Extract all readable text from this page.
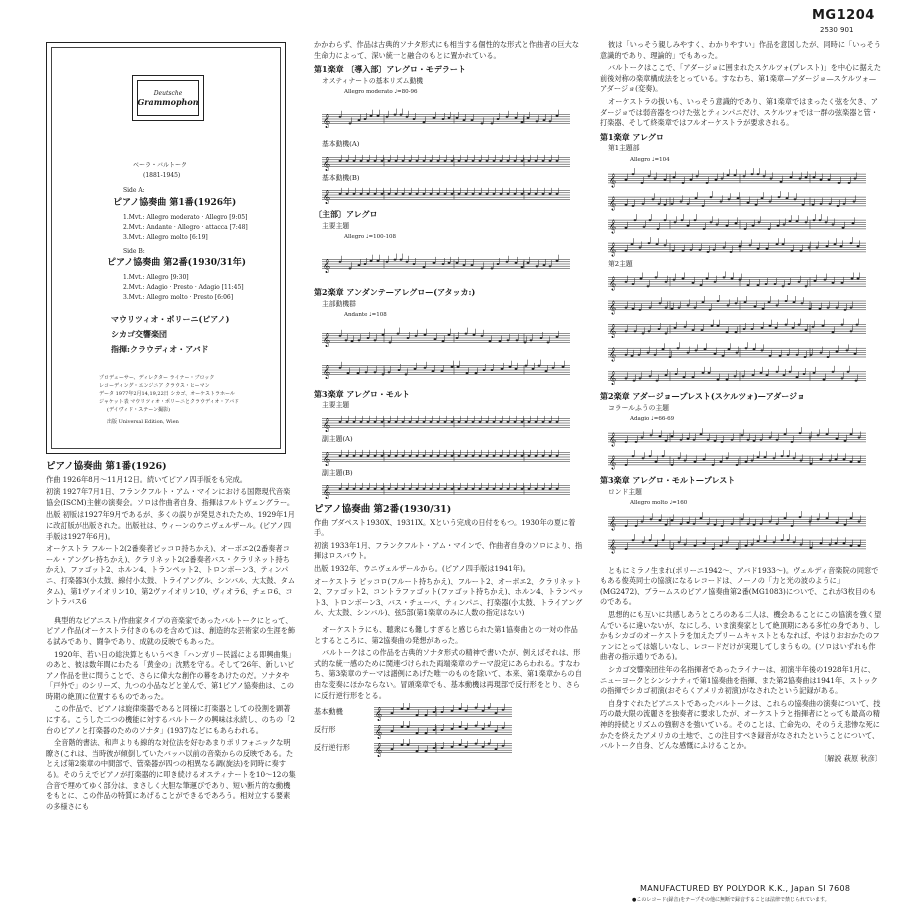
MG1204
2530 901
Deutsche
Grammophon
ベーラ・バルトーク
(1881-1945)
Side A:
ピアノ協奏曲 第1番(1926年)
1.Mvt.: Allegro moderato · Allegro [9:05]
2.Mvt.: Andante · Allegro · attacca [7:48]
3.Mvt.: Allegro molto [6:19]
Side B:
ピアノ協奏曲 第2番(1930/31年)
1.Mvt.: Allegro [9:30]
2.Mvt.: Adagio · Presto · Adagio [11:45]
3.Mvt.: Allegro molto · Presto [6:06]
マウリツィオ・ポリーニ(ピアノ)
シカゴ交響楽団
指揮:クラウディオ・アバド
プロデューサー、ディレクター ライナー・ブロック
レコーディング・エンジニア クラウス・ヒーマン
データ 1977年2月14,19,22日 シカゴ、オーケストラホール
ジャケット表 マウリツィオ・ポリーニとクラウディオ・アバド
(デイヴィド・ステーン撮影)
出版 Universal Edition, Wien
ピアノ協奏曲 第1番(1926)

作曲 1926年8月〜11月12日。続いてピアノ四手版をも完成。

初演 1927年7月1日、フランクフルト・アム・マインにおける国際現代音楽協会(ISCM)主催の演奏会。ソロは作曲者自身、指揮はフルトヴェングラー。

出版 初版は1927年9月であるが、多くの誤りが発見されたため、1929年1月に改訂版が出版された。出版社は、ウィーンのウニヴェルザール。(ピアノ四手版は1927年6月)。

オーケストラ フルート2(2番奏者ピッコロ持ちかえ)、オーボエ2(2番奏者コール・アングレ持ちかえ)、クラリネット2(2番奏者バス・クラリネット持ちかえ)、ファゴット2、ホルン4、トランペット2、トロンボーン3、ティンパニ、打楽器3(小太鼓、線付小太鼓、トライアングル、シンバル、大太鼓、タムタム)、第1ヴァイオリン10、第2ヴァイオリン10、ヴィオラ6、チェロ6、コントラバス6

典型的なピアニスト/作曲家タイプの音楽家であったバルトークにとって、ピアノ作品(オーケストラ付きのものを含めて)は、創造的な芸術家の生涯を飾る試みであり、闘争であり、成就の反映でもあった。

1920年、若い日の総決算ともいうべき「ハンガリー民謡による即興曲集」のあと、彼は数年間にわたる「黄金の」沈黙を守る。そして'26年、新しいピアノ作品を世に問うことで、さらに偉大な創作の幕をあけたのだ。ソナタや「戸外で」のシリーズ、九つの小品などと並んで、第1ピアノ協奏曲は、この時期の絶頂に位置するものであった。

この作品で、ピアノは旋律楽器であると同様に打楽器としての役割を顕著にする。こうした二つの機能に対するバルトークの興味は永続し、のちの「2台のピアノと打楽器のためのソナタ」(1937)などにもあらわれる。

全音階的書法、和声よりも線的な対位法を好むあまりポリフォニックな明瞭さ(これは、当時彼が傾倒していたバッハ以前の音楽からの反映である。たとえば第2楽章の中間部で、管楽器が四つの相異なる調(旋法)を同時に奏する)。そのうえでピアノが打楽器的に叩き続けるオスティナートを10〜12の集合音で埋めてゆく部分は、まさしく大胆な筆運びであり、短い断片的な動機をもとに、この作品の特質にあげることができるであろう。相対立する要素の多様さにも

かかわらず、作品は古典的ソナタ形式にも相当する個性的な形式と作曲者の巨大な生命力によって、深い統一と融合のもとに置かれている。

第1楽章 〔導入部〕アレグロ・モデラート
オスティナートの基本リズム動機
Allegro moderato ♩=80-96
𝄞
基本動機(A)
𝄞
基本動機(B)
𝄞
〔主部〕アレグロ
主要主題
Allegro ♩=100-108
𝄞
第2楽章 アンダンテ—アレグロ—(アタッカ:)
主部動機群
Andante ♩=108
𝄞
𝄞
第3楽章 アレグロ・モルト
主要主題
𝄞
副主題(A)
𝄞
副主題(B)
𝄞
ピアノ協奏曲 第2番(1930/31)

作曲 ブダペスト1930X、1931IX。Xという完成の日付をもつ。1930年の夏に着手。

初演 1933年1月、フランクフルト・アム・マインで、作曲者自身のソロにより、指揮はロスバウト。

出版 1932年、ウニヴェルザールから。(ピアノ四手版は1941年)。

オーケストラ ピッコロ(フルート持ちかえ)、フルート2、オーボエ2、クラリネット2、ファゴット2、コントラファゴット(ファゴット持ちかえ)、ホルン4、トランペット3、トロンボーン3、バス・チューバ、ティンパニ、打楽器(小太鼓、トライアングル、大太鼓、シンバル)、弦5部(第1楽章のみに人数の指定はない)

オーケストラにも、聴衆にも難しすぎると感じられた第1協奏曲との一対の作品とするところに、第2協奏曲の発想があった。

バルトークはこの作品を古典的ソナタ形式の精神で書いたが、例えばそれは、形式的な統一感のために関連づけられた両端楽章のテーマ設定にあらわれる。すなわち、第3楽章のテーマは譜例にあげた唯一のものを除いて、本来、第1楽章からの自由な変奏にほかならない。冒頭楽章でも、基本動機は再現部で反行形をとり、さらに反行逆行形をとる。

基本動機	𝄞
反行形	𝄞
反行逆行形	𝄞

彼は「いっそう親しみやすく、わかりやすい」作品を意図したが、同時に「いっそう意識的であり、理論的」でもあった。

バルトークはここで、「アダージョに囲まれたスケルツォ(プレスト)」を中心に据えた前後対称の楽章構成法をとっている。すなわち、第1楽章—アダージョ—スケルツォ—アダージョ(変奏)。

オーケストラの扱いも、いっそう意識的であり、第1楽章ではまったく弦を欠き、アダージョでは弱音器をつけた弦とティンパニだけ、スケルツォでは一群の弦楽器と管・打楽器、そして終楽章ではフルオーケストラが要求される。

第1楽章 アレグロ
第1主題部
Allegro ♩=104
𝄞
𝄞
𝄞
𝄞
第2主題
𝄞
𝄞
𝄞
𝄞
𝄞
第2楽章 アダージョ—プレスト(スケルツォ)—アダージョ
コラールふうの主題
Adagio ♩=66-69
𝄞
𝄞
第3楽章 アレグロ・モルト—プレスト
ロンド主題
Allegro molto ♩=160
𝄞
𝄞

ともにミラノ生まれ(ポリーニ1942〜、アバド1933〜)。ヴェルディ音楽院の同窓でもある俊英同士の協演になるレコードは、ノーノの「力と光の波のように」(MG2472)、ブラームスのピアノ協奏曲第2番(MG1083)についで、これが3枚目のものである。

思想的にも互いに共感しあうところのある二人は、機会あることにこの協演を強く望んでいるに違いないが、なにしろ、いま演奏家として絶頂期にある多忙の身であり、しかもシカゴのオーケストラを加えたプリームキャストともなれば、やはりおおかたのファンにとっては嬉しいなし、レコードだけが実現してしまうもの。(ソロはいずれも作曲者の指示通りである)。

シカゴ交響楽団往年の名指揮者であったライナーは、初演半年後の1928年1月に、ニューヨークとシンシナティで第1協奏曲を指揮、また第2協奏曲は1941年、ストックの指揮でシカゴ初演(おそらくアメリカ初演)がなされたという記録がある。

自身すぐれたピアニストであったバルトークは、これらの協奏曲の演奏について、技巧の最大限の流麗さを独奏者に要求したが、オーケストラと指揮者にとっても最高の精神的持続とリズムの強靭さを強いている。そのことは、亡命先の、そのうえ悲惨な死にかたを終えたアメリカの土地で、この注目すべき録音がなされたということについて、バルトーク自身、どんな感慨にふけることか。

〔解説 萩原 秋彦〕
MANUFACTURED BY POLYDOR K.K., Japan SI 7608
●このレコード(録音)をテープその他に無断で録音することは法律で禁じられています。
